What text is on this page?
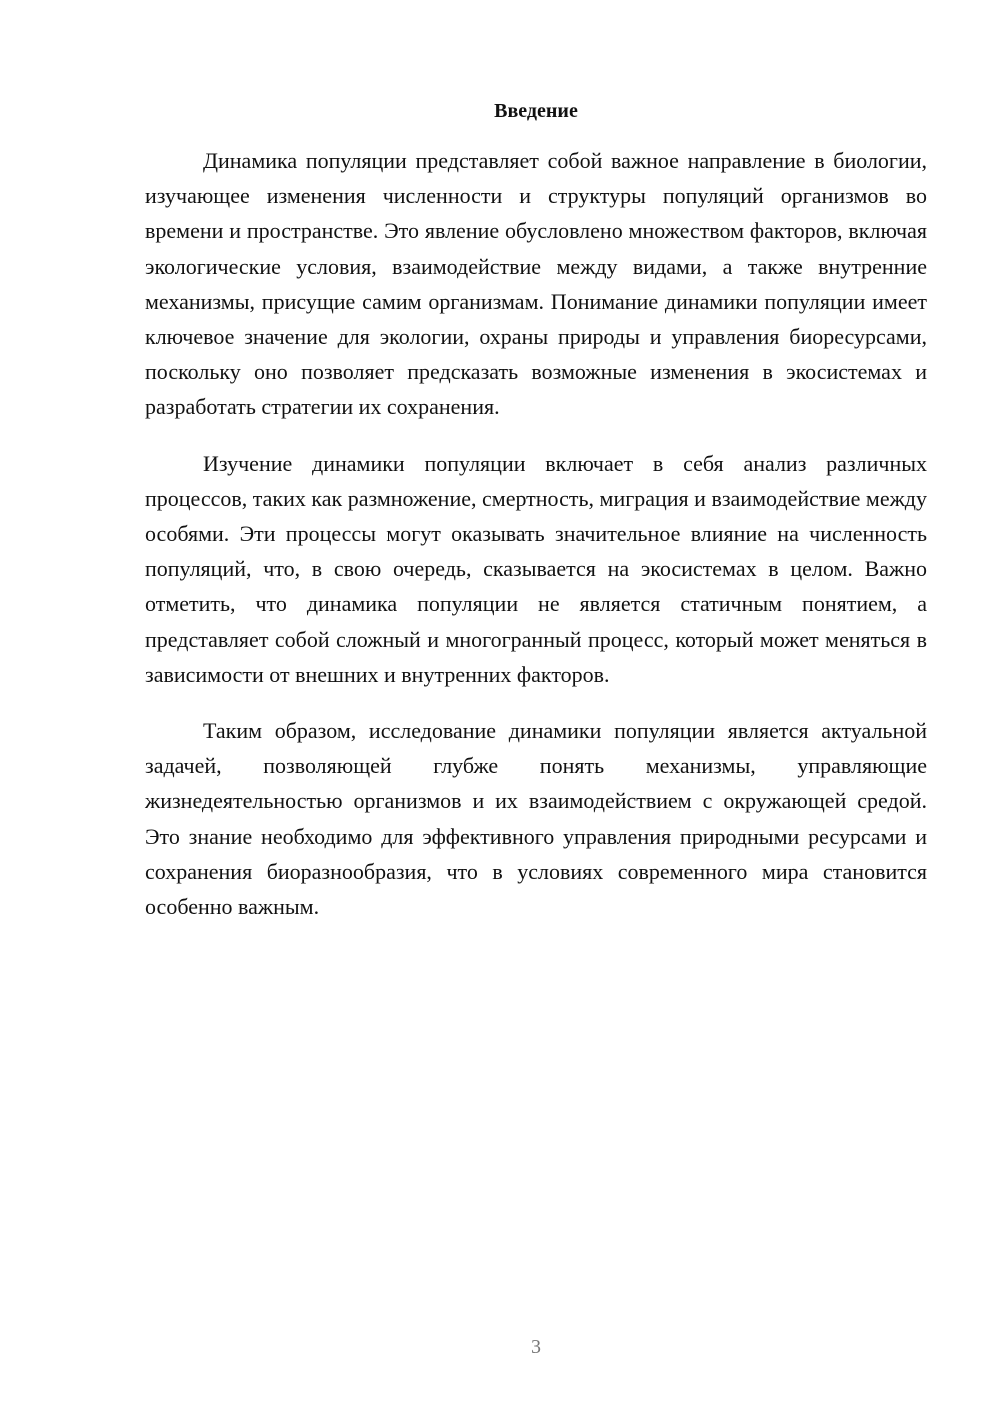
Введение

Динамика популяции представляет собой важное направление в биологии, изучающее изменения численности и структуры популяций организмов во времени и пространстве. Это явление обусловлено множеством факторов, включая экологические условия, взаимодействие между видами, а также внутренние механизмы, присущие самим организмам. Понимание динамики популяции имеет ключевое значение для экологии, охраны природы и управления биоресурсами, поскольку оно позволяет предсказать возможные изменения в экосистемах и разработать стратегии их сохранения.

Изучение динамики популяции включает в себя анализ различных процессов, таких как размножение, смертность, миграция и взаимодействие между особями. Эти процессы могут оказывать значительное влияние на численность популяций, что, в свою очередь, сказывается на экосистемах в целом. Важно отметить, что динамика популяции не является статичным понятием, а представляет собой сложный и многогранный процесс, который может меняться в зависимости от внешних и внутренних факторов.

Таким образом, исследование динамики популяции является актуальной задачей, позволяющей глубже понять механизмы, управляющие жизнедеятельностью организмов и их взаимодействием с окружающей средой. Это знание необходимо для эффективного управления природными ресурсами и сохранения биоразнообразия, что в условиях современного мира становится особенно важным.

3
